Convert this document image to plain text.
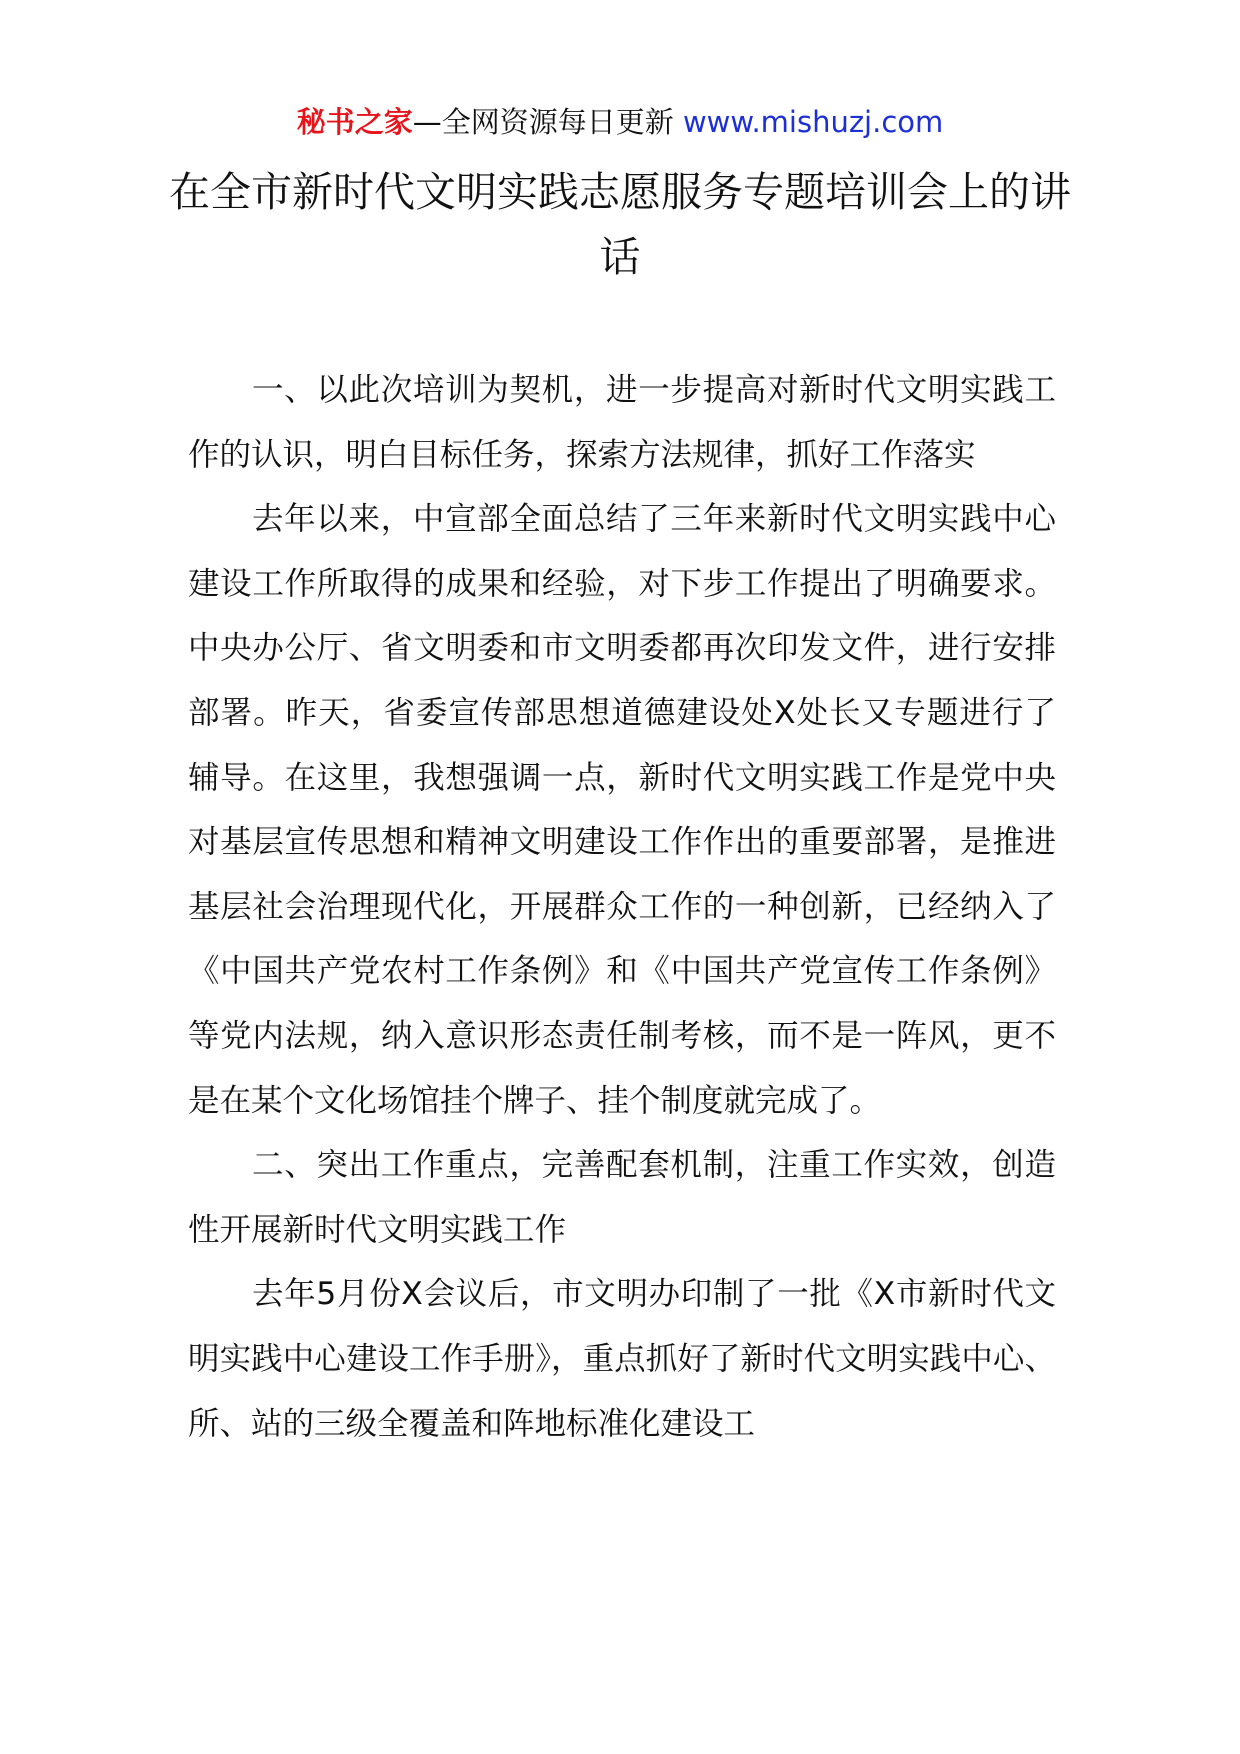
秘书之家—全网资源每日更新 www.mishuzj.com
在全市新时代文明实践志愿服务专题培训会上的讲话

一、以此次培训为契机，进一步提高对新时代文明实践工作的认识，明白目标任务，探索方法规律，抓好工作落实

去年以来，中宣部全面总结了三年来新时代文明实践中心建设工作所取得的成果和经验，对下步工作提出了明确要求。中央办公厅、省文明委和市文明委都再次印发文件，进行安排部署。昨天，省委宣传部思想道德建设处X处长又专题进行了辅导。在这里，我想强调一点，新时代文明实践工作是党中央对基层宣传思想和精神文明建设工作作出的重要部署，是推进基层社会治理现代化，开展群众工作的一种创新，已经纳入了《中国共产党农村工作条例》和《中国共产党宣传工作条例》等党内法规，纳入意识形态责任制考核，而不是一阵风，更不是在某个文化场馆挂个牌子、挂个制度就完成了。

二、突出工作重点，完善配套机制，注重工作实效，创造性开展新时代文明实践工作

去年5月份X会议后，市文明办印制了一批《X市新时代文明实践中心建设工作手册》，重点抓好了新时代文明实践中心、所、站的三级全覆盖和阵地标准化建设工
